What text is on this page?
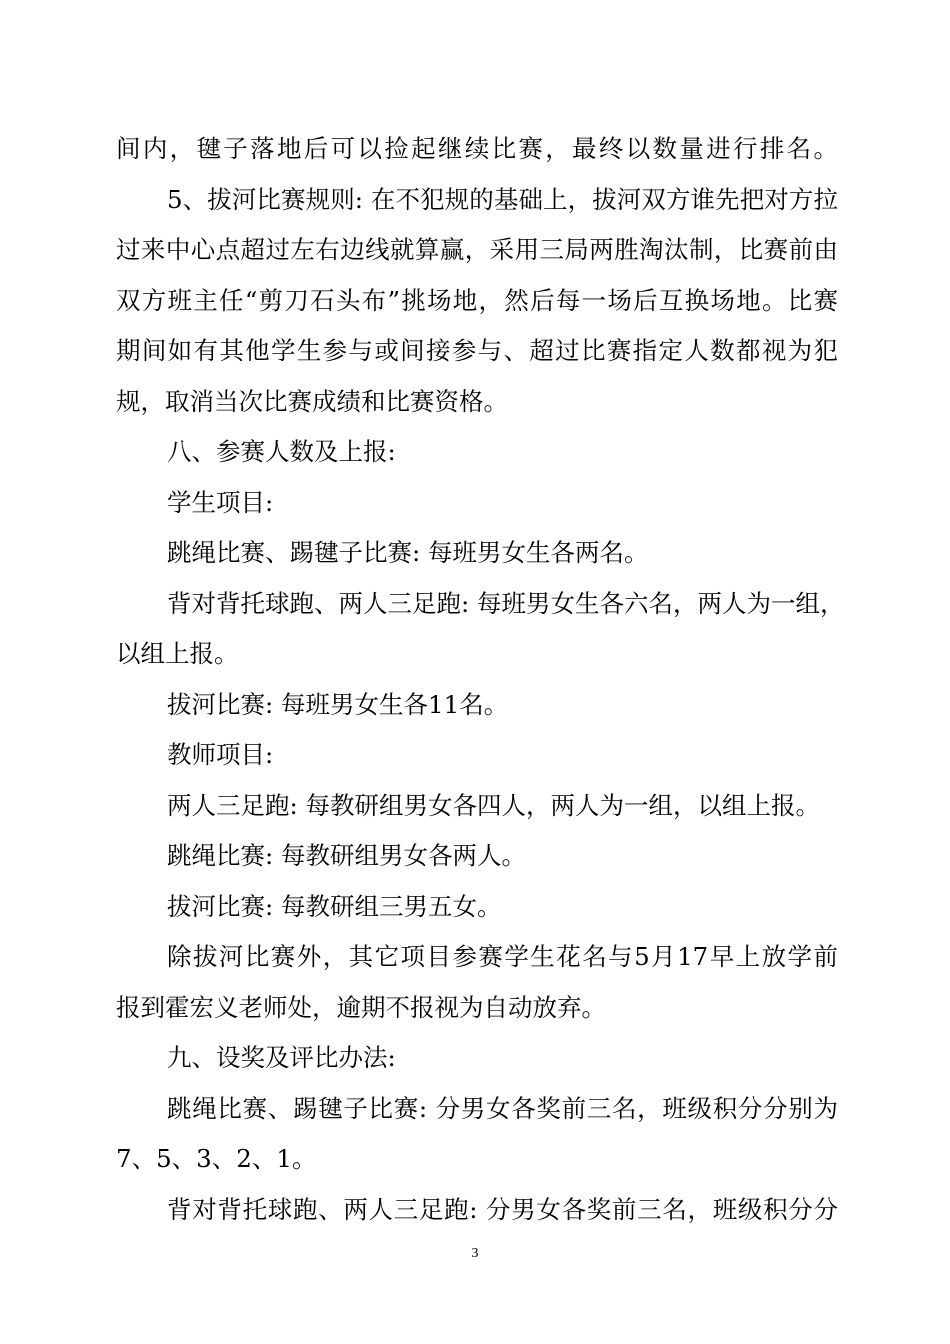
间内，毽子落地后可以捡起继续比赛，最终以数量进行排名。
5、拔河比赛规则: 在不犯规的基础上，拔河双方谁先把对方拉
过来中心点超过左右边线就算赢，采用三局两胜淘汰制，比赛前由
双方班主任“剪刀石头布”挑场地，然后每一场后互换场地。比赛
期间如有其他学生参与或间接参与、超过比赛指定人数都视为犯
规，取消当次比赛成绩和比赛资格。
八、参赛人数及上报:
学生项目:
跳绳比赛、踢毽子比赛: 每班男女生各两名。
背对背托球跑、两人三足跑: 每班男女生各六名，两人为一组，
以组上报。
拔河比赛: 每班男女生各11名。
教师项目:
两人三足跑: 每教研组男女各四人，两人为一组，以组上报。
跳绳比赛: 每教研组男女各两人。
拔河比赛: 每教研组三男五女。
除拔河比赛外，其它项目参赛学生花名与5月17早上放学前
报到霍宏义老师处，逾期不报视为自动放弃。
九、设奖及评比办法:
跳绳比赛、踢毽子比赛: 分男女各奖前三名，班级积分分别为
7、5、3、2、1。
背对背托球跑、两人三足跑: 分男女各奖前三名，班级积分分
3
